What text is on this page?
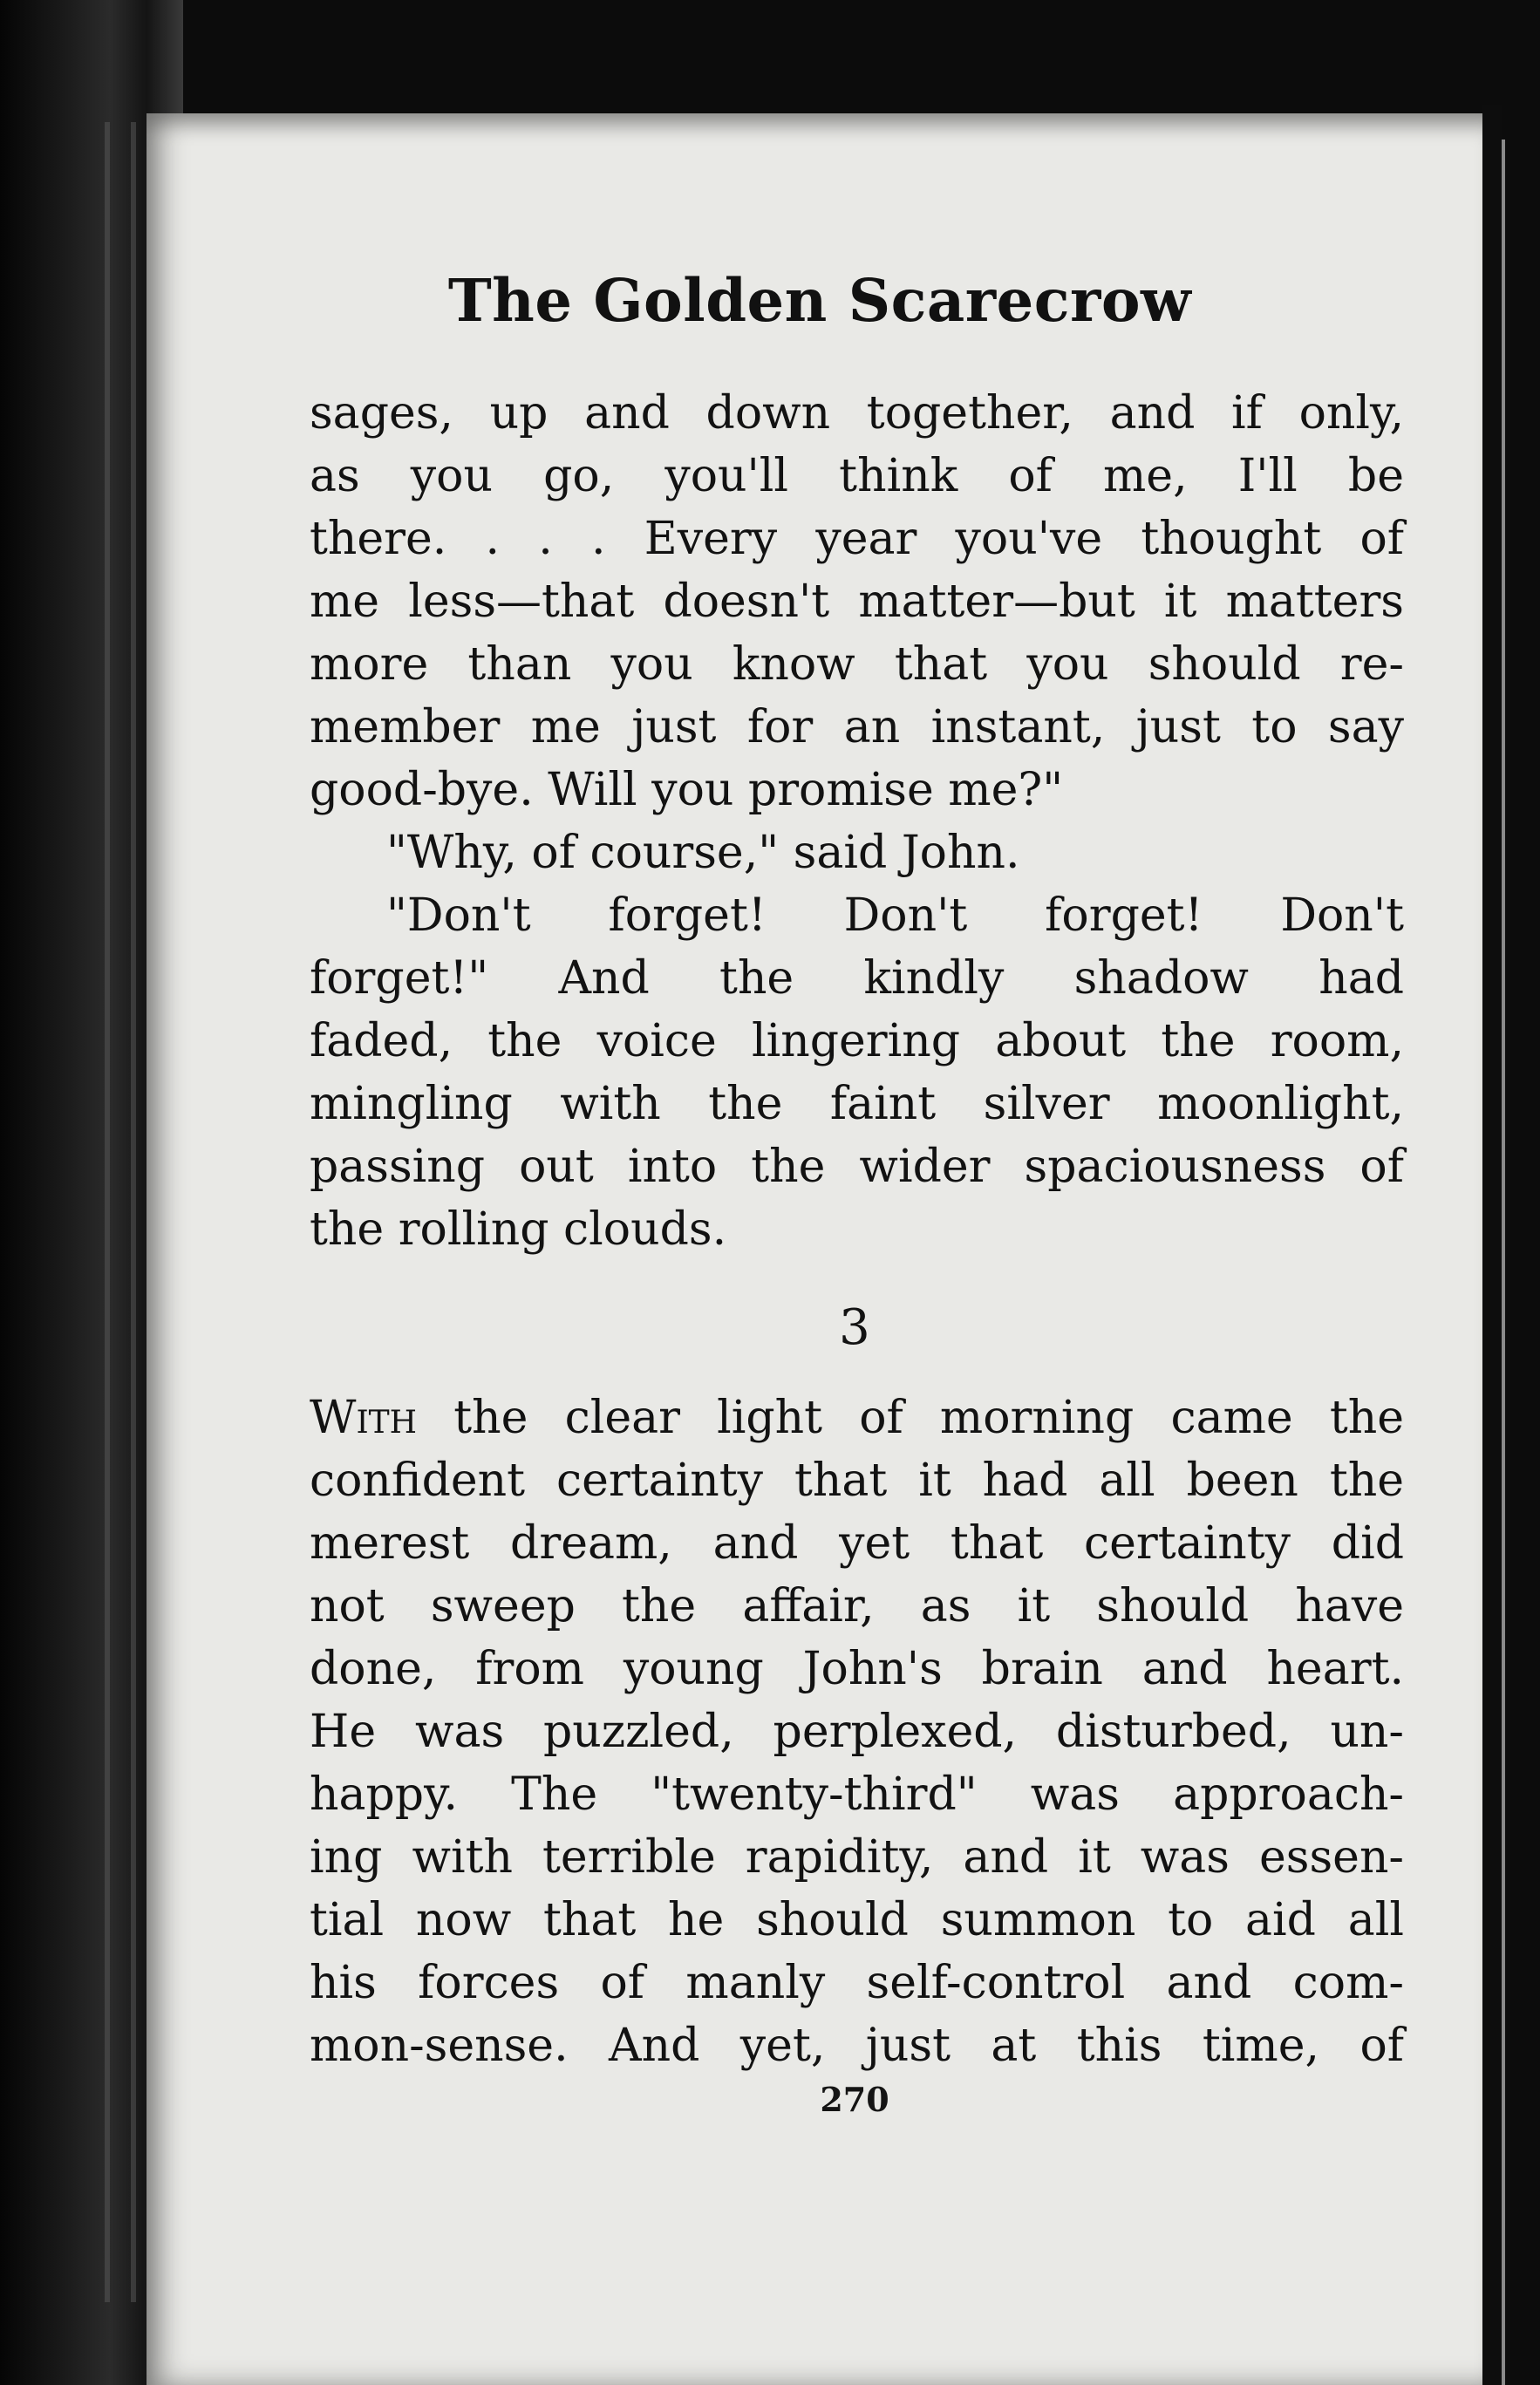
The Golden Scarecrow
sages, up and down together, and if only,
as you go, you'll think of me, I'll be
there. . . . Every year you've thought of
me less—that doesn't matter—but it matters
more than you know that you should re-
member me just for an instant, just to say
good-bye. Will you promise me?"
"Why, of course," said John.
"Don't forget! Don't forget! Don't
forget!" And the kindly shadow had
faded, the voice lingering about the room,
mingling with the faint silver moonlight,
passing out into the wider spaciousness of
the rolling clouds.
3
With the clear light of morning came the
confident certainty that it had all been the
merest dream, and yet that certainty did
not sweep the affair, as it should have
done, from young John's brain and heart.
He was puzzled, perplexed, disturbed, un-
happy. The "twenty-third" was approach-
ing with terrible rapidity, and it was essen-
tial now that he should summon to aid all
his forces of manly self-control and com-
mon-sense. And yet, just at this time, of
270
